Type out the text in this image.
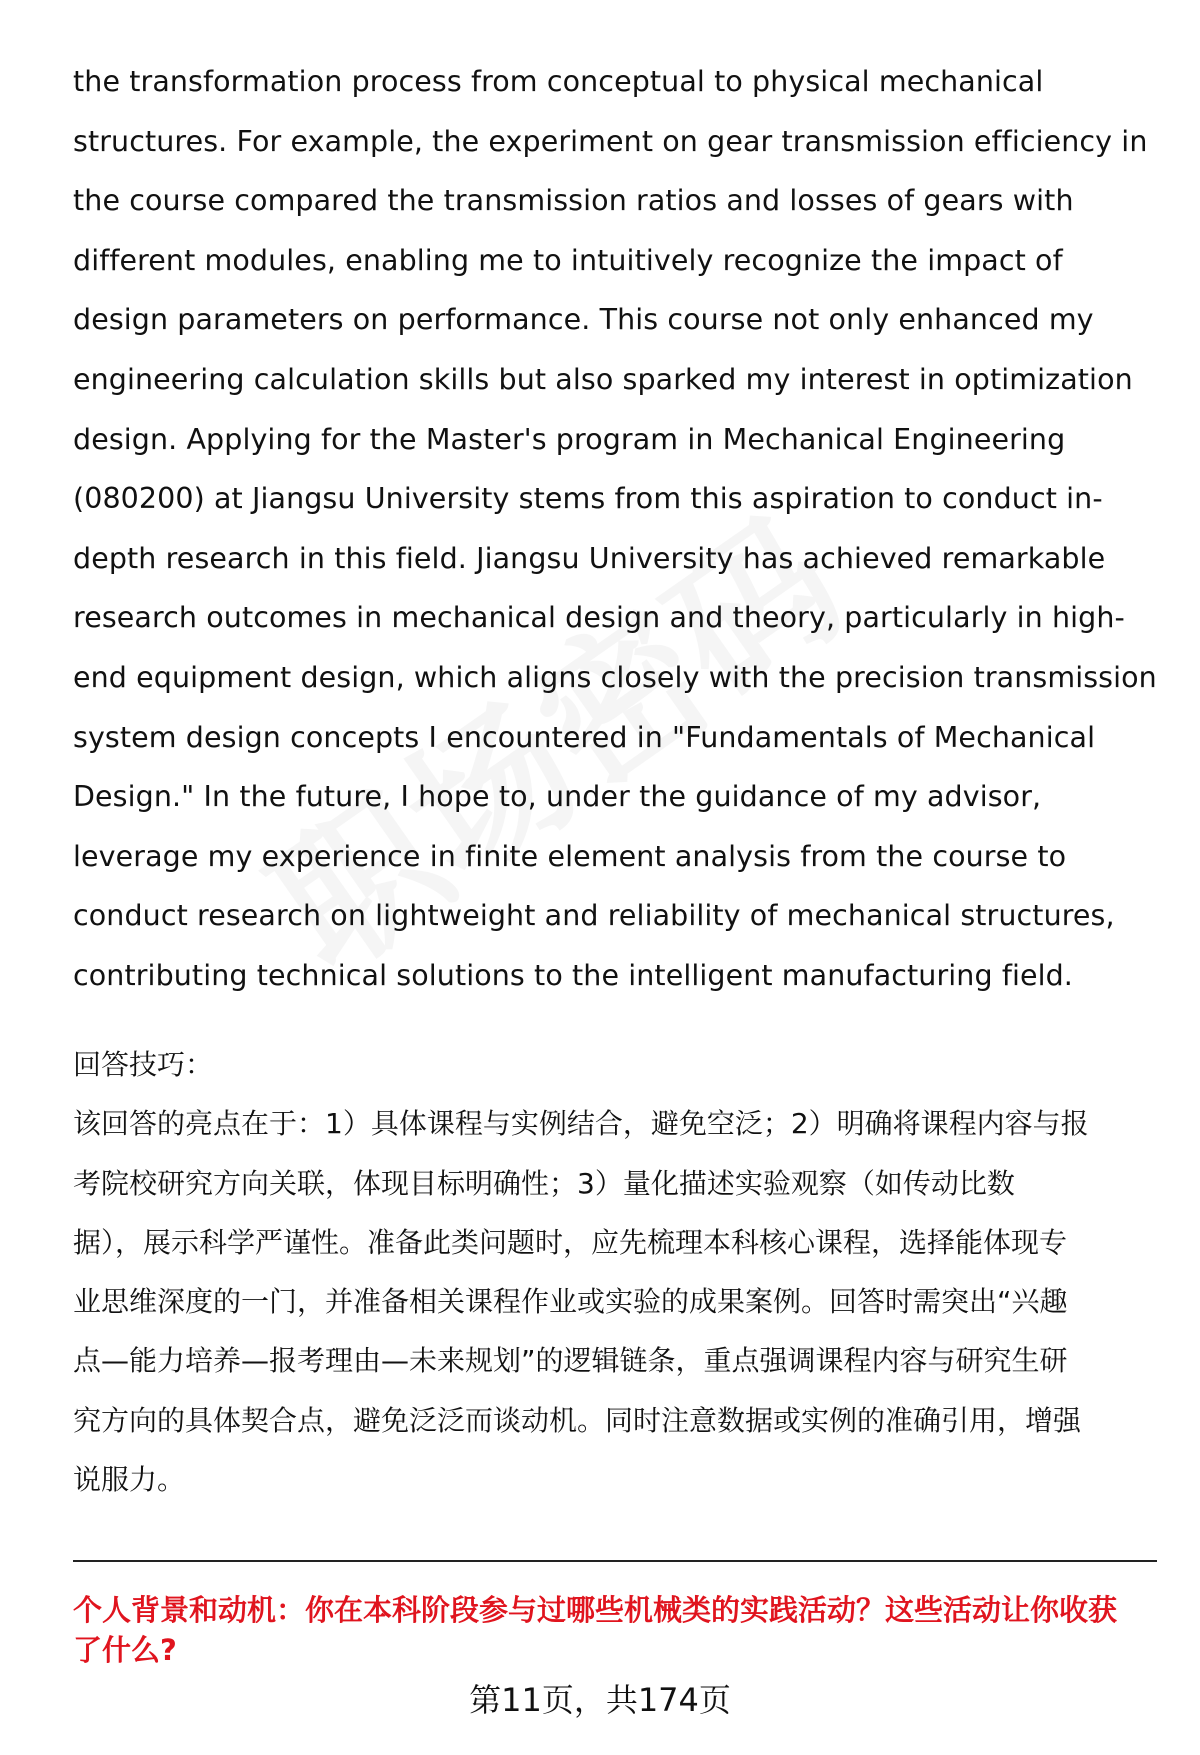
the transformation process from conceptual to physical mechanical
structures. For example, the experiment on gear transmission efficiency in
the course compared the transmission ratios and losses of gears with
different modules, enabling me to intuitively recognize the impact of
design parameters on performance. This course not only enhanced my
engineering calculation skills but also sparked my interest in optimization
design. Applying for the Master's program in Mechanical Engineering
(080200) at Jiangsu University stems from this aspiration to conduct in-
depth research in this field. Jiangsu University has achieved remarkable
research outcomes in mechanical design and theory, particularly in high-
end equipment design, which aligns closely with the precision transmission
system design concepts I encountered in "Fundamentals of Mechanical
Design." In the future, I hope to, under the guidance of my advisor,
leverage my experience in finite element analysis from the course to
conduct research on lightweight and reliability of mechanical structures,
contributing technical solutions to the intelligent manufacturing field.
回答技巧：
该回答的亮点在于：1）具体课程与实例结合，避免空泛；2）明确将课程内容与报
考院校研究方向关联，体现目标明确性；3）量化描述实验观察（如传动比数
据），展示科学严谨性。准备此类问题时，应先梳理本科核心课程，选择能体现专
业思维深度的一门，并准备相关课程作业或实验的成果案例。回答时需突出“兴趣
点—能力培养—报考理由—未来规划”的逻辑链条，重点强调课程内容与研究生研
究方向的具体契合点，避免泛泛而谈动机。同时注意数据或实例的准确引用，增强
说服力。
个人背景和动机：你在本科阶段参与过哪些机械类的实践活动？这些活动让你收获
了什么?
第11页，共174页
